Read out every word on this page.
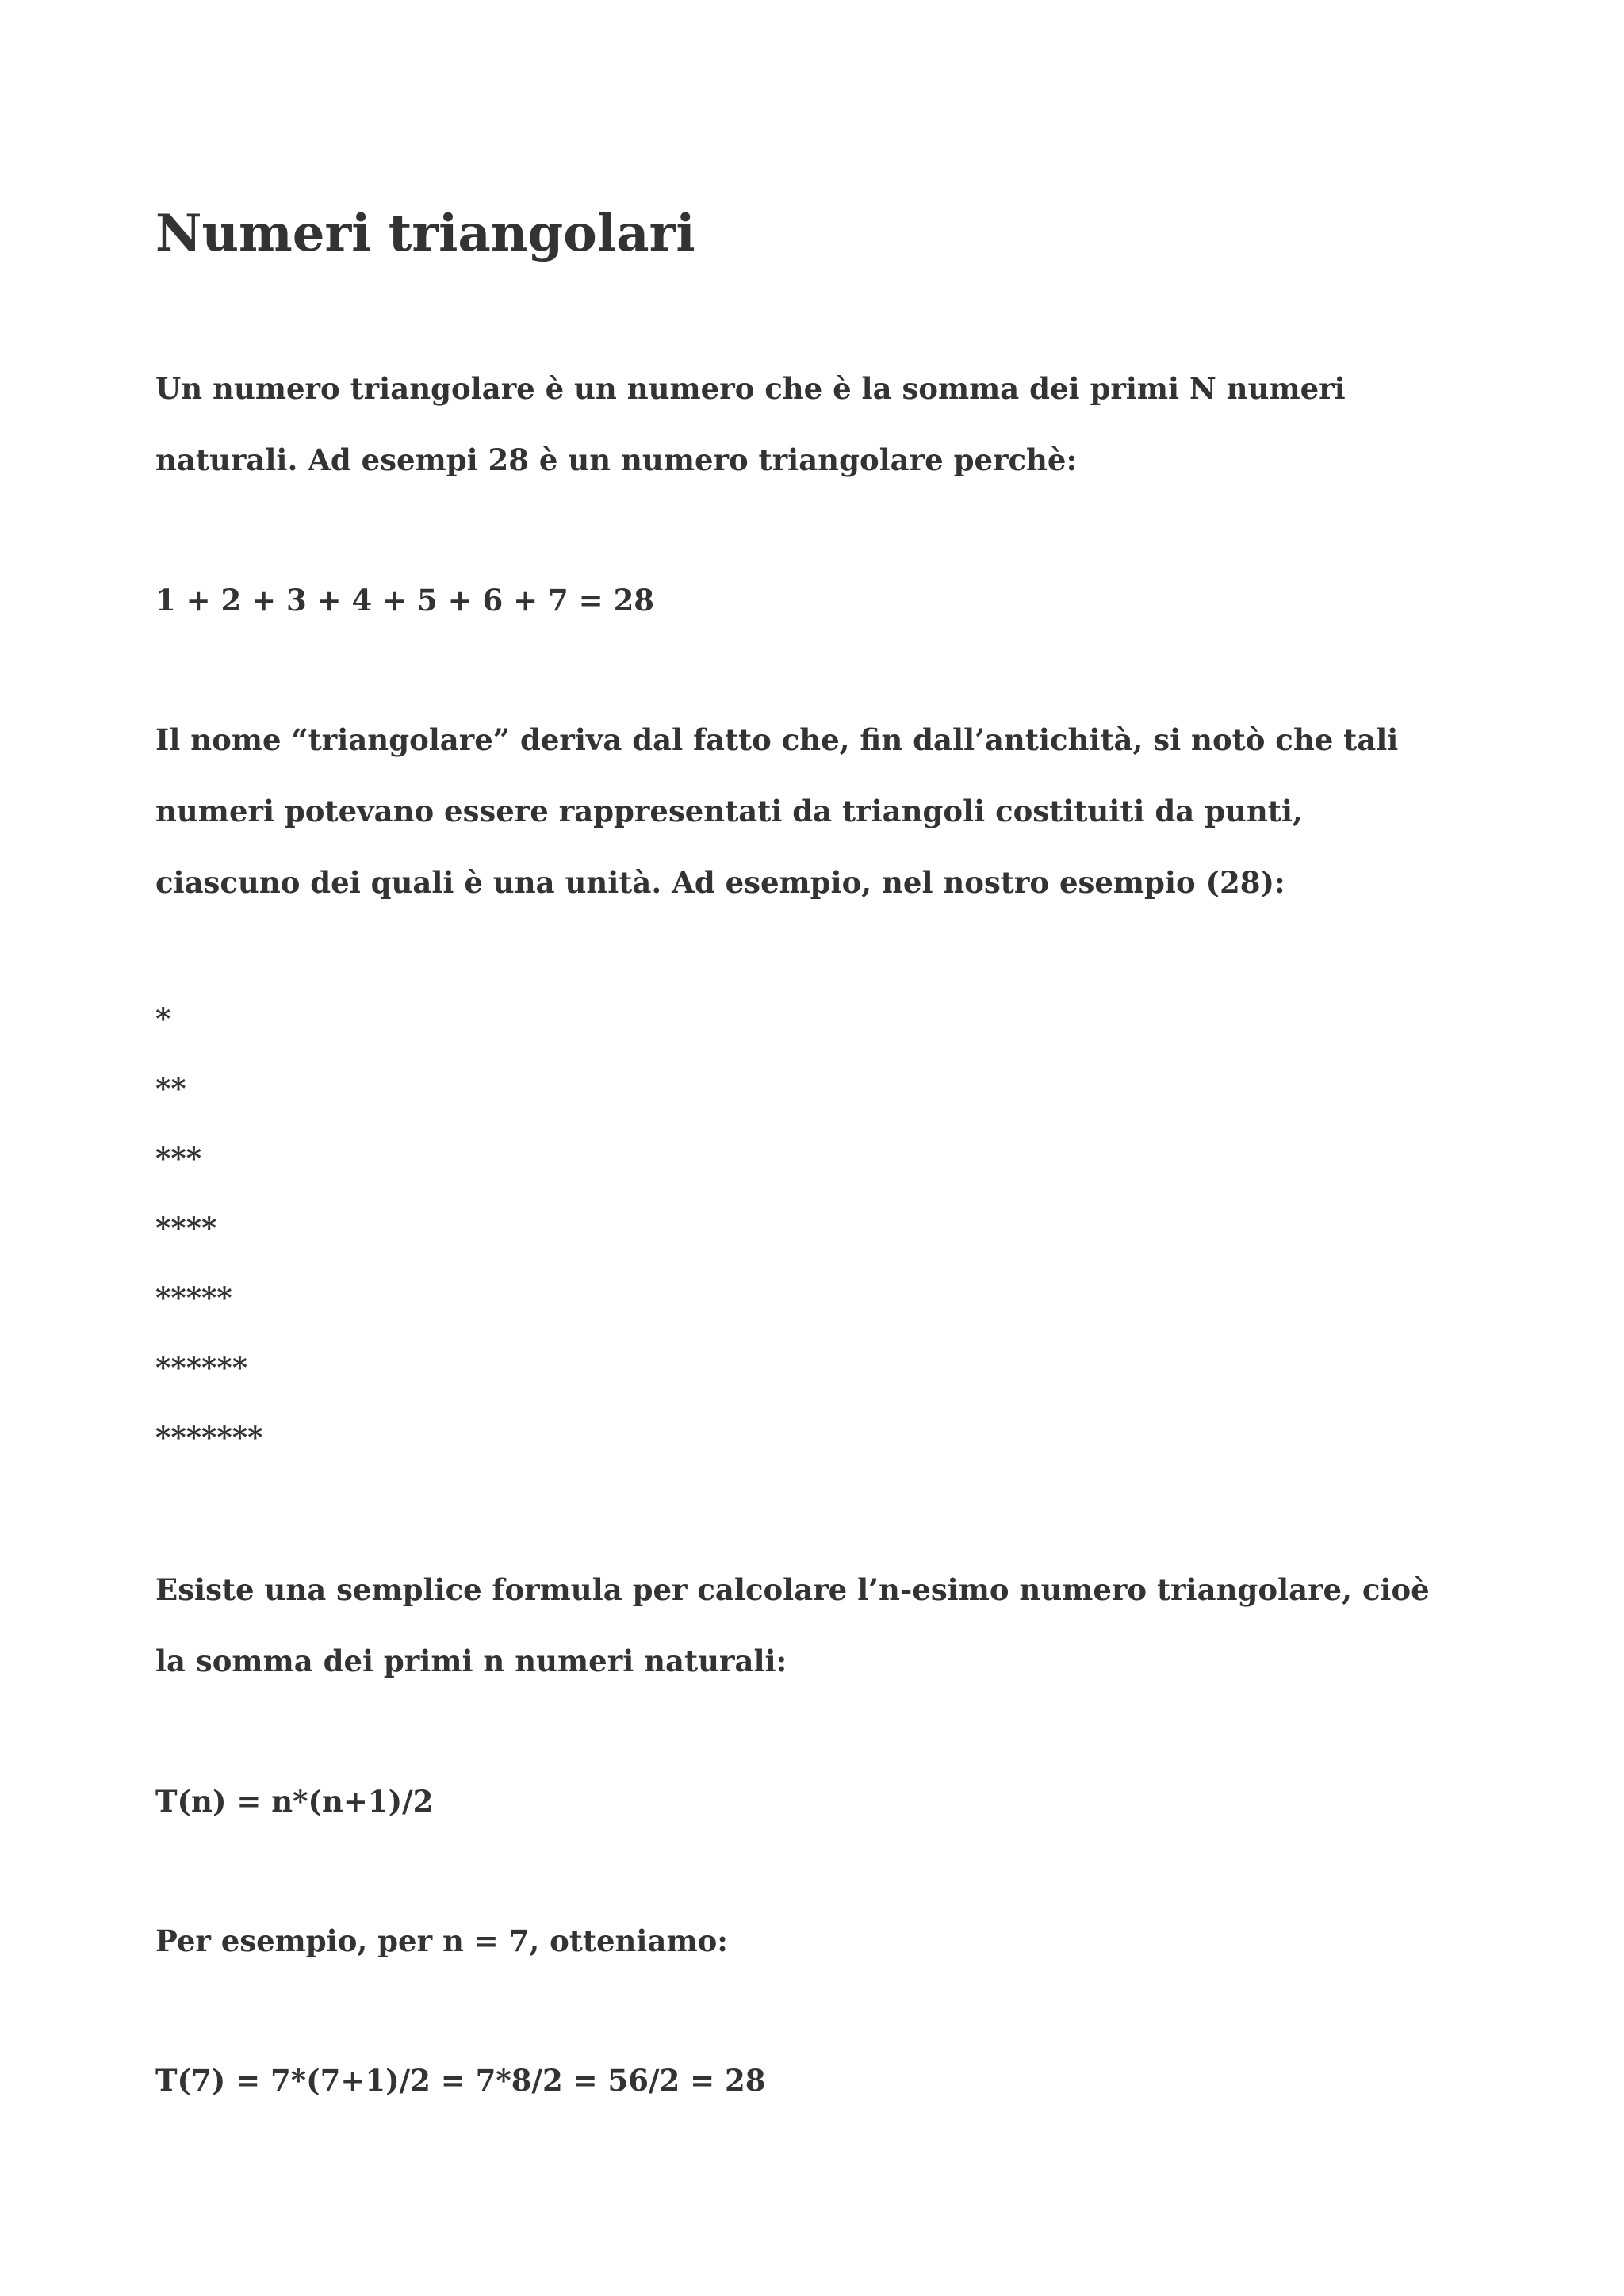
Numeri triangolari

Un numero triangolare è un numero che è la somma dei primi N numeri
naturali. Ad esempi 28 è un numero triangolare perchè:

1 + 2 + 3 + 4 + 5 + 6 + 7 = 28

Il nome “triangolare” deriva dal fatto che, fin dall’antichità, si notò che tali
numeri potevano essere rappresentati da triangoli costituiti da punti,
ciascuno dei quali è una unità. Ad esempio, nel nostro esempio (28):

*
**
***
****
*****
******
*******

Esiste una semplice formula per calcolare l’n-esimo numero triangolare, cioè
la somma dei primi n numeri naturali:

T(n) = n*(n+1)/2

Per esempio, per n = 7, otteniamo:

T(7) = 7*(7+1)/2 = 7*8/2 = 56/2 = 28
